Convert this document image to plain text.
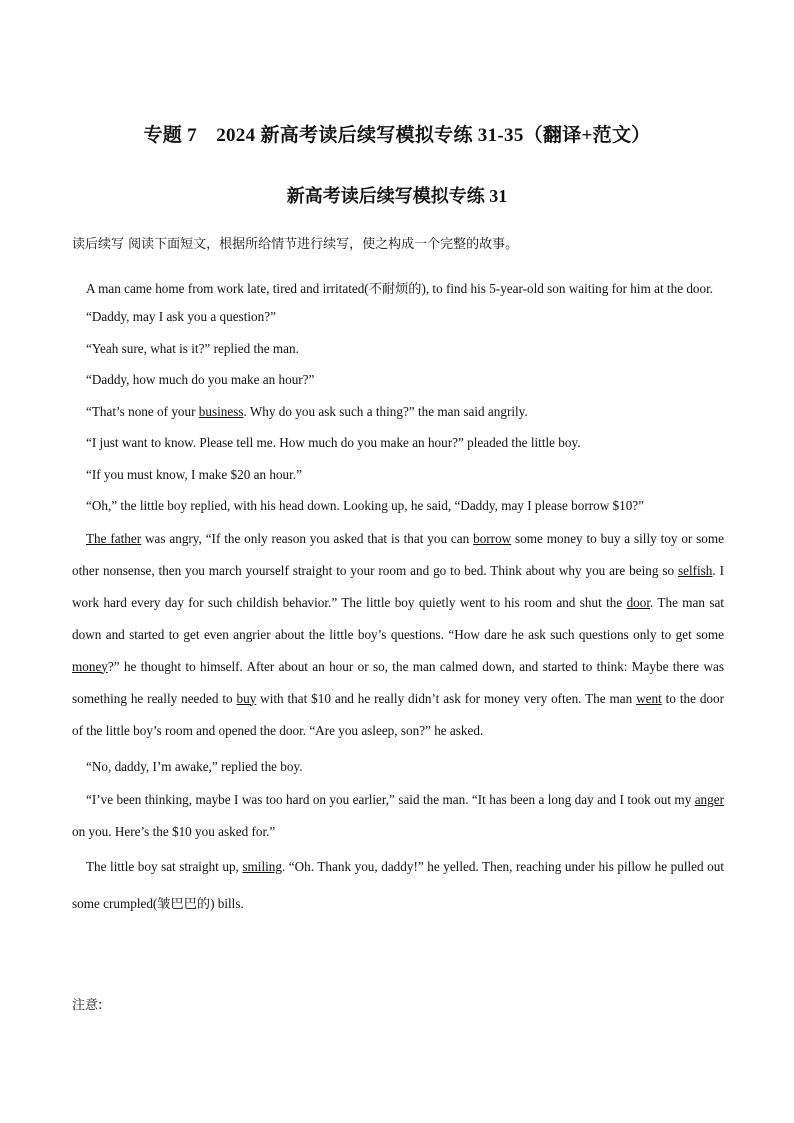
专题 7　2024 新高考读后续写模拟专练 31-35（翻译+范文）
新高考读后续写模拟专练 31
读后续写 阅读下面短文，根据所给情节进行续写，使之构成一个完整的故事。

A man came home from work late, tired and irritated(不耐烦的), to find his 5-year-old son waiting for him at the door.

“Daddy, may I ask you a question?”

“Yeah sure, what is it?” replied the man.

“Daddy, how much do you make an hour?”

“That’s none of your business. Why do you ask such a thing?” the man said angrily.

“I just want to know. Please tell me. How much do you make an hour?” pleaded the little boy.

“If you must know, I make $20 an hour.”

“Oh,” the little boy replied, with his head down. Looking up, he said, “Daddy, may I please borrow $10?”

The father was angry, “If the only reason you asked that is that you can borrow some money to buy a silly toy or some other nonsense, then you march yourself straight to your room and go to bed. Think about why you are being so selfish. I work hard every day for such childish behavior.” The little boy quietly went to his room and shut the door. The man sat down and started to get even angrier about the little boy’s questions. “How dare he ask such questions only to get some money?” he thought to himself. After about an hour or so, the man calmed down, and started to think: Maybe there was something he really needed to buy with that $10 and he really didn’t ask for money very often. The man went to the door of the little boy’s room and opened the door. “Are you asleep, son?” he asked.

“No, daddy, I’m awake,” replied the boy.

“I’ve been thinking, maybe I was too hard on you earlier,” said the man. “It has been a long day and I took out my anger on you. Here’s the $10 you asked for.”

The little boy sat straight up, smiling. “Oh. Thank you, daddy!” he yelled. Then, reaching under his pillow he pulled out some crumpled(皱巴巴的) bills.

注意:
